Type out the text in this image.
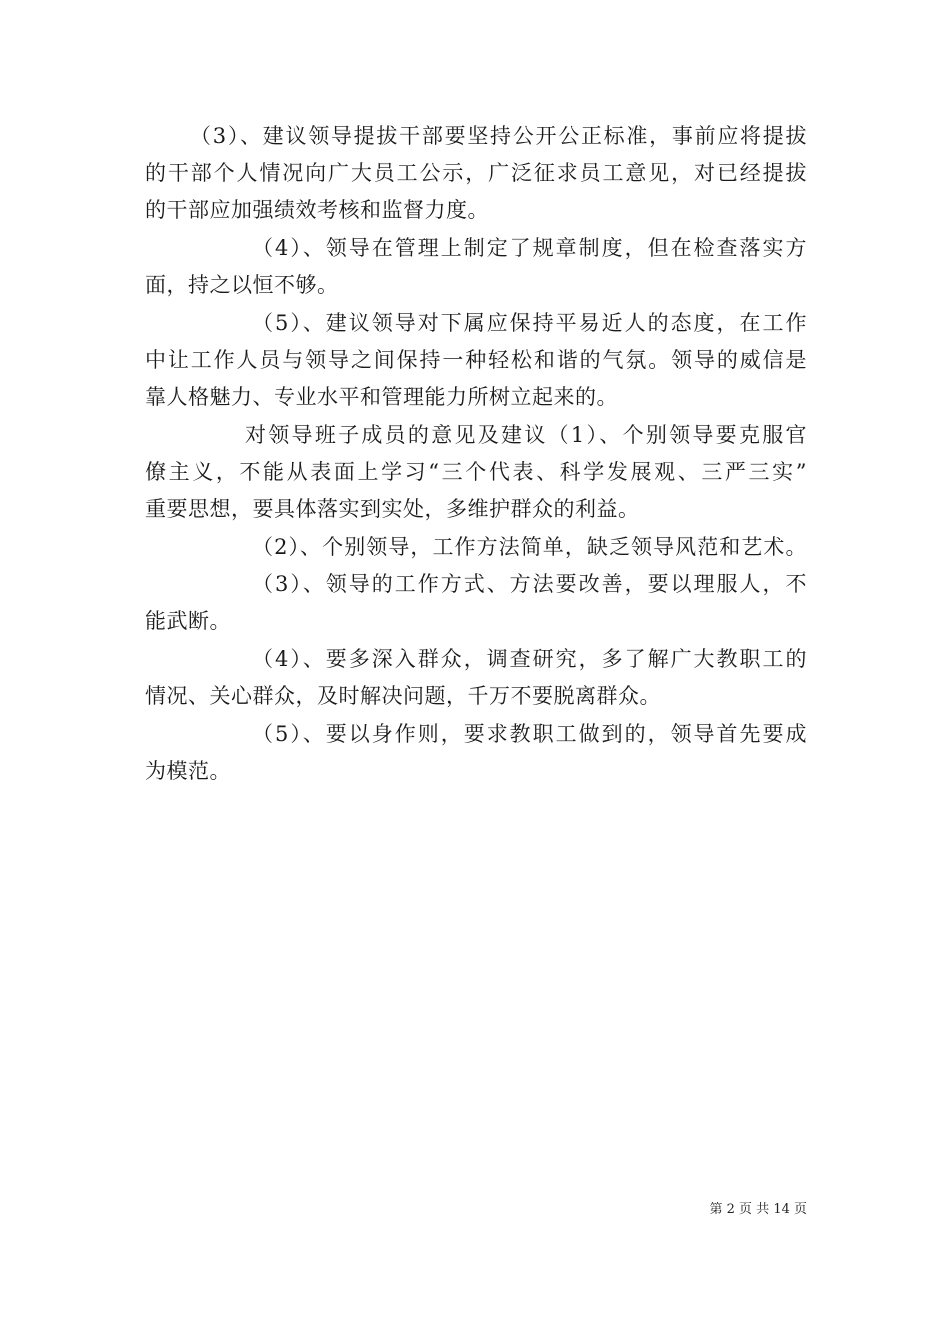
（3）、建议领导提拔干部要坚持公开公正标准，事前应将提拔
的干部个人情况向广大员工公示，广泛征求员工意见，对已经提拔
的干部应加强绩效考核和监督力度。
（4）、领导在管理上制定了规章制度，但在检查落实方
面，持之以恒不够。
（5）、建议领导对下属应保持平易近人的态度，在工作
中让工作人员与领导之间保持一种轻松和谐的气氛。领导的威信是
靠人格魅力、专业水平和管理能力所树立起来的。
对领导班子成员的意见及建议（1）、个别领导要克服官
僚主义，不能从表面上学习“三个代表、科学发展观、三严三实”
重要思想，要具体落实到实处，多维护群众的利益。
（2）、个别领导，工作方法简单，缺乏领导风范和艺术。
（3）、领导的工作方式、方法要改善，要以理服人，不
能武断。
（4）、要多深入群众，调查研究，多了解广大教职工的
情况、关心群众，及时解决问题，千万不要脱离群众。
（5）、要以身作则，要求教职工做到的，领导首先要成
为模范。
第 2 页 共 14 页
